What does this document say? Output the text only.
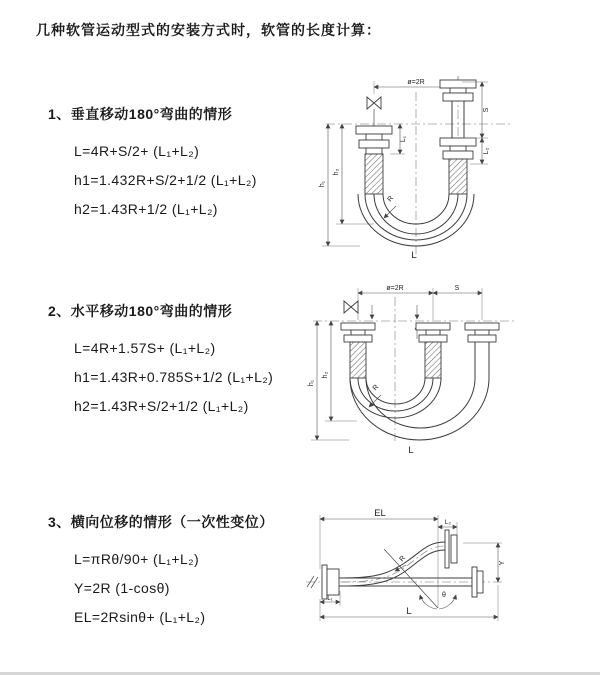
几种软管运动型式的安装方式时，软管的长度计算：
1、垂直移动180°弯曲的情形
L=4R+S/2+ (L₁+L₂)
h1=1.432R+S/2+1/2 (L₁+L₂)
h2=1.43R+1/2 (L₁+L₂)
2、水平移动180°弯曲的情形
L=4R+1.57S+ (L₁+L₂)
h1=1.43R+0.785S+1/2 (L₁+L₂)
h2=1.43R+S/2+1/2 (L₁+L₂)
3、横向位移的情形（一次性变位）
L=πRθ/90+ (L₁+L₂)
Y=2R (1-cosθ)
EL=2Rsinθ+ (L₁+L₂)
ø=2R
L₁
S
L₂
h₁
h₂
R
L
ø=2R	S
h₁
h₂
R
L
EL
L₂
Y
R
θ
L₁
L
